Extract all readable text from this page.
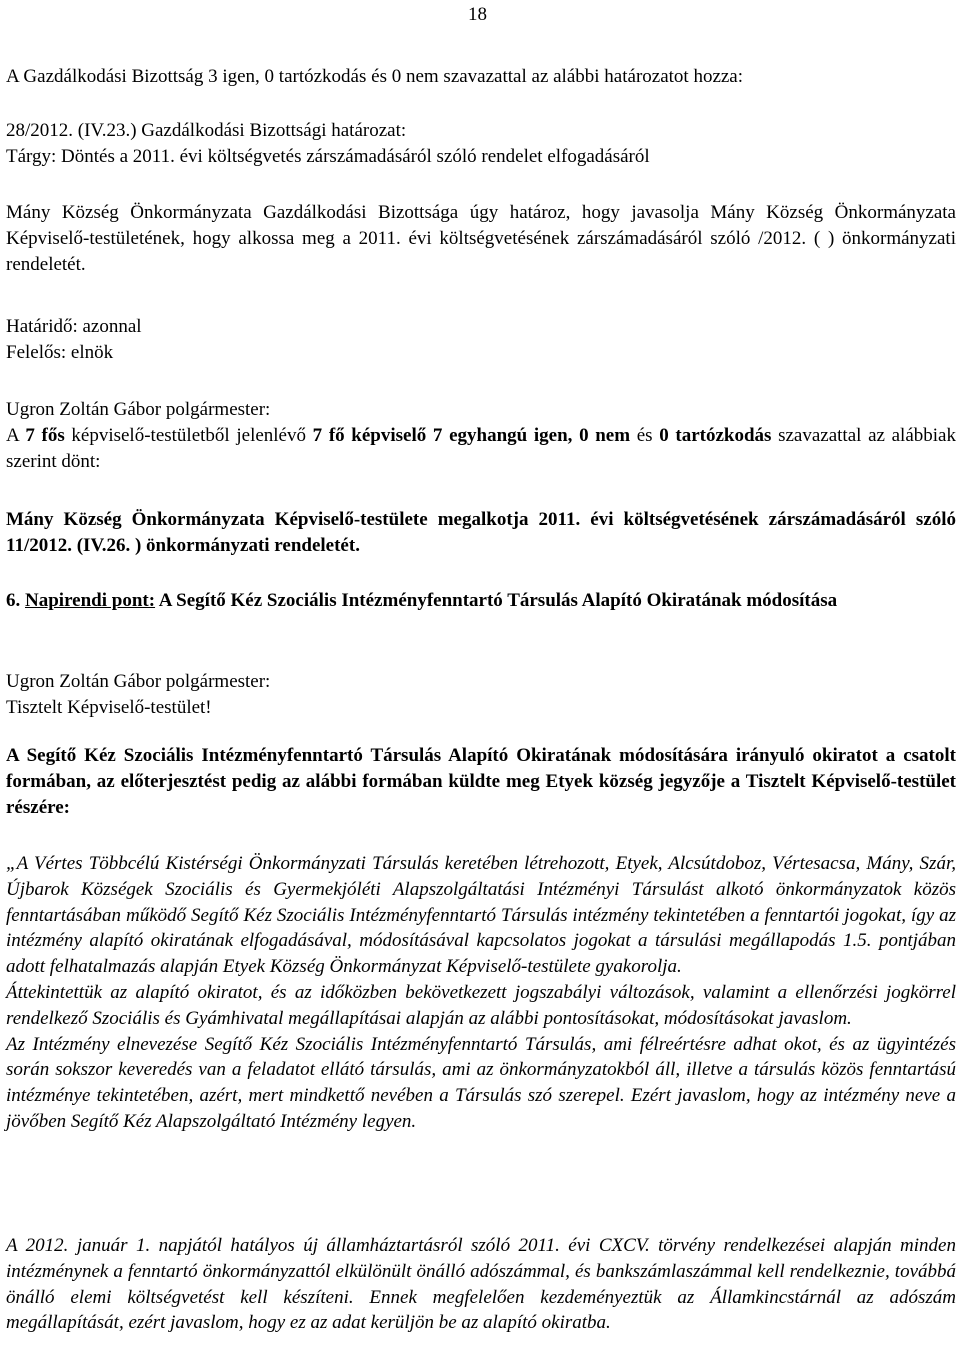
18

A Gazdálkodási Bizottság 3 igen, 0 tartózkodás és 0 nem szavazattal az alábbi határozatot hozza:

28/2012. (IV.23.) Gazdálkodási Bizottsági határozat:

Tárgy: Döntés a 2011. évi költségvetés zárszámadásáról szóló rendelet elfogadásáról

Mány Község Önkormányzata Gazdálkodási Bizottsága úgy határoz, hogy javasolja Mány Község Önkormányzata Képviselő-testületének, hogy alkossa meg a 2011. évi költségvetésének zárszámadásáról szóló /2012. ( ) önkormányzati rendeletét.

Határidő: azonnal

Felelős: elnök

Ugron Zoltán Gábor polgármester:

A 7 fős képviselő-testületből jelenlévő 7 fő képviselő 7 egyhangú igen, 0 nem és 0 tartózkodás szavazattal az alábbiak szerint dönt:

Mány Község Önkormányzata Képviselő-testülete megalkotja 2011. évi költségvetésének zárszámadásáról szóló 11/2012. (IV.26. ) önkormányzati rendeletét.

6. Napirendi pont: A Segítő Kéz Szociális Intézményfenntartó Társulás Alapító Okiratának módosítása

Ugron Zoltán Gábor polgármester:

Tisztelt Képviselő-testület!

A Segítő Kéz Szociális Intézményfenntartó Társulás Alapító Okiratának módosítására irányuló okiratot a csatolt formában, az előterjesztést pedig az alábbi formában küldte meg Etyek község jegyzője a Tisztelt Képviselő-testület részére:

„A Vértes Többcélú Kistérségi Önkormányzati Társulás keretében létrehozott, Etyek, Alcsútdoboz, Vértesacsa, Mány, Szár, Újbarok Községek Szociális és Gyermekjóléti Alapszolgáltatási Intézményi Társulást alkotó önkormányzatok közös fenntartásában működő Segítő Kéz Szociális Intézményfenntartó Társulás intézmény tekintetében a fenntartói jogokat, így az intézmény alapító okiratának elfogadásával, módosításával kapcsolatos jogokat a társulási megállapodás 1.5. pontjában adott felhatalmazás alapján Etyek Község Önkormányzat Képviselő-testülete gyakorolja.

Áttekintettük az alapító okiratot, és az időközben bekövetkezett jogszabályi változások, valamint a ellenőrzési jogkörrel rendelkező Szociális és Gyámhivatal megállapításai alapján az alábbi pontosításokat, módosításokat javaslom.

Az Intézmény elnevezése Segítő Kéz Szociális Intézményfenntartó Társulás, ami félreértésre adhat okot, és az ügyintézés során sokszor keveredés van a feladatot ellátó társulás, ami az önkormányzatokból áll, illetve a társulás közös fenntartású intézménye tekintetében, azért, mert mindkettő nevében a Társulás szó szerepel. Ezért javaslom, hogy az intézmény neve a jövőben Segítő Kéz Alapszolgáltató Intézmény legyen.

A 2012. január 1. napjától hatályos új államháztartásról szóló 2011. évi CXCV. törvény rendelkezései alapján minden intézménynek a fenntartó önkormányzattól elkülönült önálló adószámmal, és bankszámlaszámmal kell rendelkeznie, továbbá önálló elemi költségvetést kell készíteni. Ennek megfelelően kezdeményeztük az Államkincstárnál az adószám megállapítását, ezért javaslom, hogy ez az adat kerüljön be az alapító okiratba.
